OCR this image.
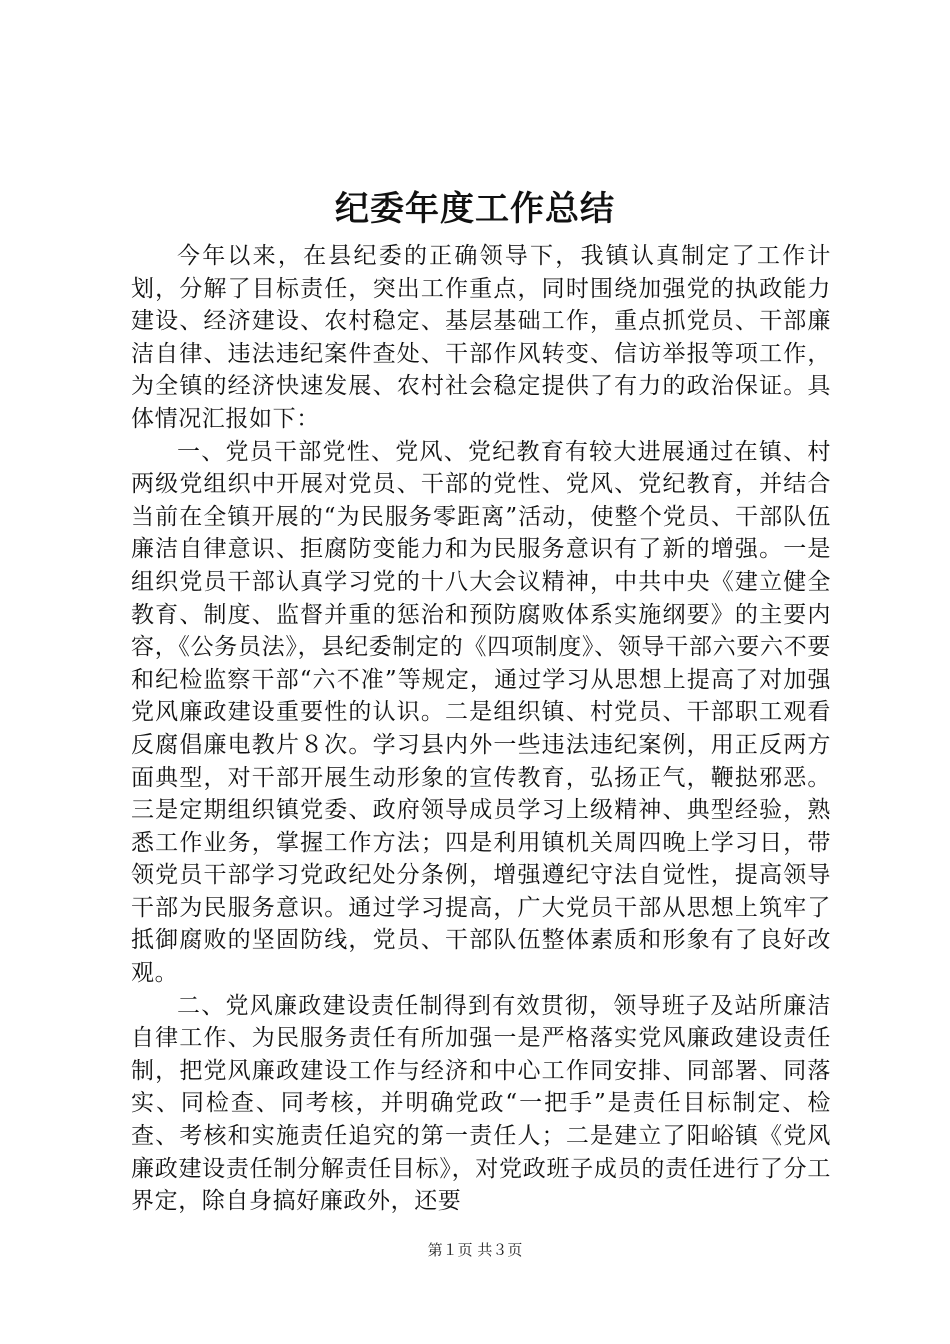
纪委年度工作总结

今年以来，在县纪委的正确领导下，我镇认真制定了工作计划，分解了目标责任，突出工作重点，同时围绕加强党的执政能力建设、经济建设、农村稳定、基层基础工作，重点抓党员、干部廉洁自律、违法违纪案件查处、干部作风转变、信访举报等项工作，为全镇的经济快速发展、农村社会稳定提供了有力的政治保证。具体情况汇报如下：

一、党员干部党性、党风、党纪教育有较大进展通过在镇、村两级党组织中开展对党员、干部的党性、党风、党纪教育，并结合当前在全镇开展的“为民服务零距离”活动，使整个党员、干部队伍廉洁自律意识、拒腐防变能力和为民服务意识有了新的增强。一是组织党员干部认真学习党的十八大会议精神，中共中央《建立健全教育、制度、监督并重的惩治和预防腐败体系实施纲要》的主要内容，《公务员法》，县纪委制定的《四项制度》、领导干部六要六不要和纪检监察干部“六不准”等规定，通过学习从思想上提高了对加强党风廉政建设重要性的认识。二是组织镇、村党员、干部职工观看反腐倡廉电教片８次。学习县内外一些违法违纪案例，用正反两方面典型，对干部开展生动形象的宣传教育，弘扬正气，鞭挞邪恶。三是定期组织镇党委、政府领导成员学习上级精神、典型经验，熟悉工作业务，掌握工作方法；四是利用镇机关周四晚上学习日，带领党员干部学习党政纪处分条例，增强遵纪守法自觉性，提高领导干部为民服务意识。通过学习提高，广大党员干部从思想上筑牢了抵御腐败的坚固防线，党员、干部队伍整体素质和形象有了良好改观。

二、党风廉政建设责任制得到有效贯彻，领导班子及站所廉洁自律工作、为民服务责任有所加强一是严格落实党风廉政建设责任制，把党风廉政建设工作与经济和中心工作同安排、同部署、同落实、同检查、同考核，并明确党政“一把手”是责任目标制定、检查、考核和实施责任追究的第一责任人；二是建立了阳峪镇《党风廉政建设责任制分解责任目标》，对党政班子成员的责任进行了分工界定，除自身搞好廉政外，还要

第１页 共３页
